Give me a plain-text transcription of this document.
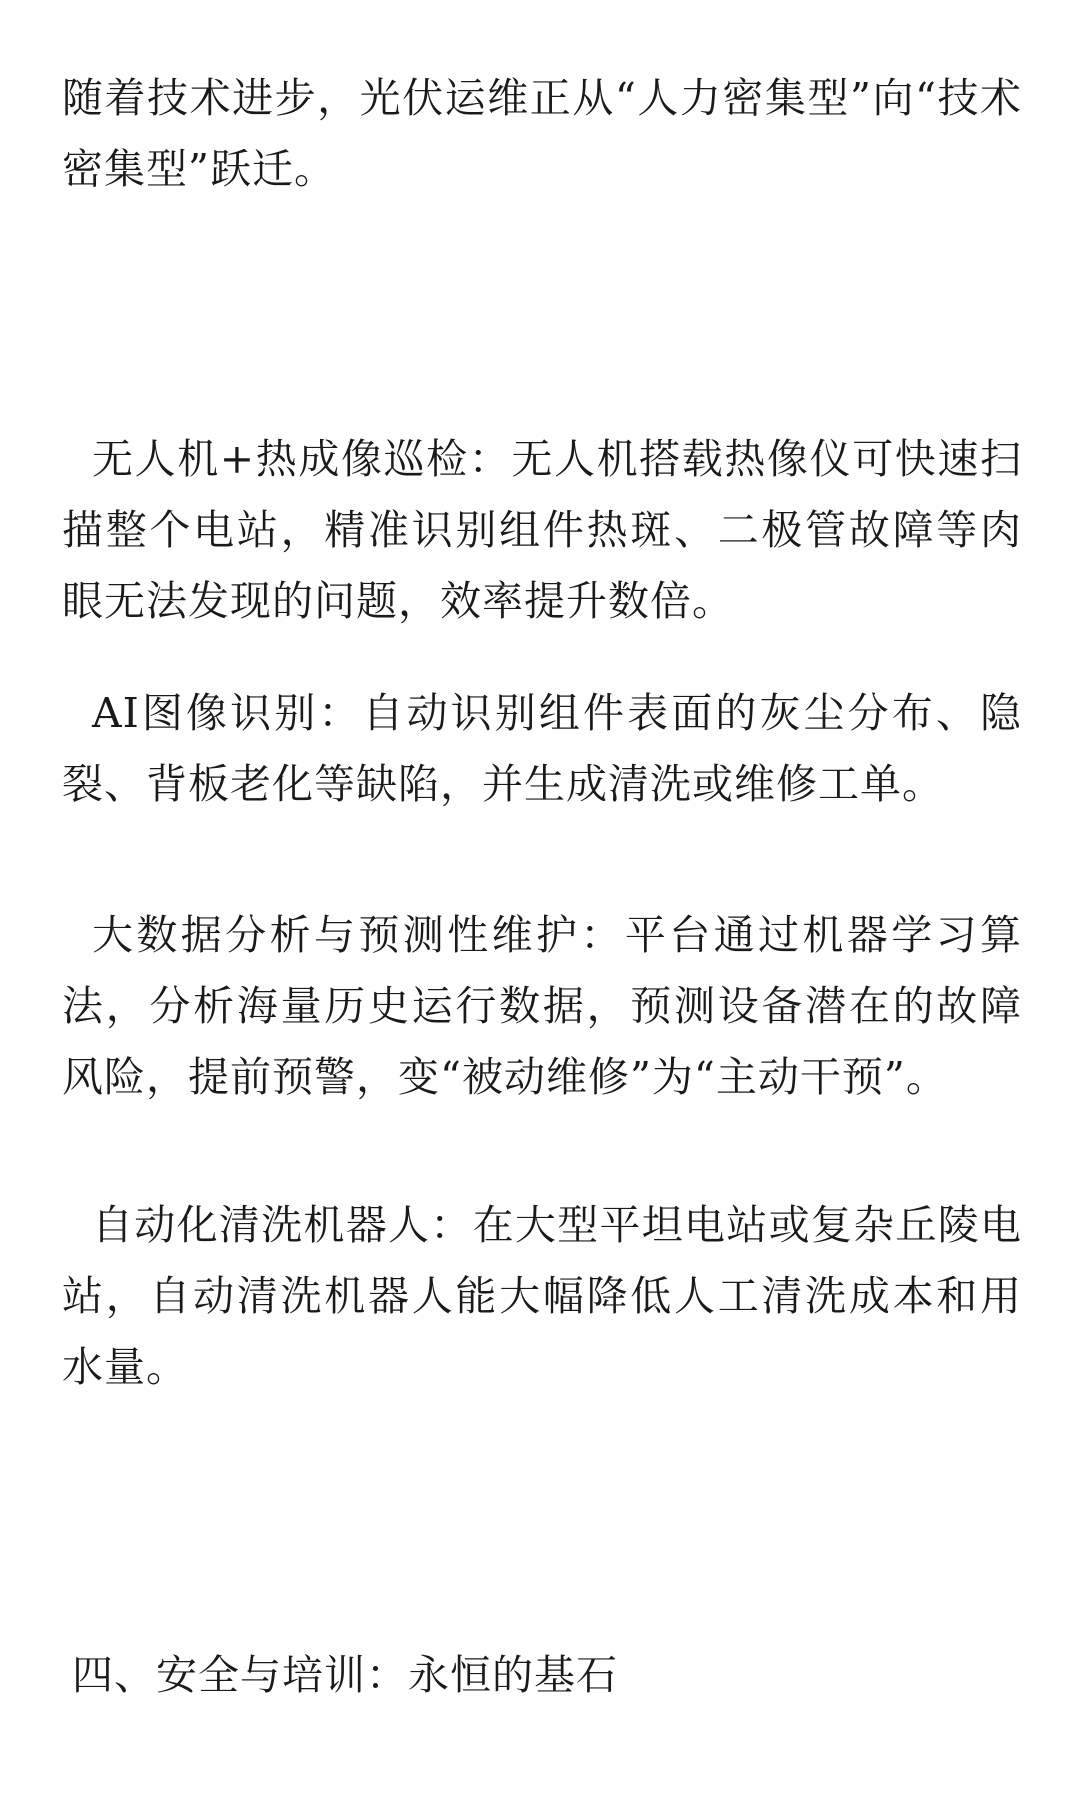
随着技术进步，光伏运维正从“人力密集型”向“技术密集型”跃迁。

无人机+热成像巡检：无人机搭载热像仪可快速扫描整个电站，精准识别组件热斑、二极管故障等肉眼无法发现的问题，效率提升数倍。

AI图像识别：自动识别组件表面的灰尘分布、隐裂、背板老化等缺陷，并生成清洗或维修工单。

大数据分析与预测性维护：平台通过机器学习算法，分析海量历史运行数据，预测设备潜在的故障风险，提前预警，变“被动维修”为“主动干预”。

自动化清洗机器人：在大型平坦电站或复杂丘陵电站，自动清洗机器人能大幅降低人工清洗成本和用水量。

四、安全与培训：永恒的基石
